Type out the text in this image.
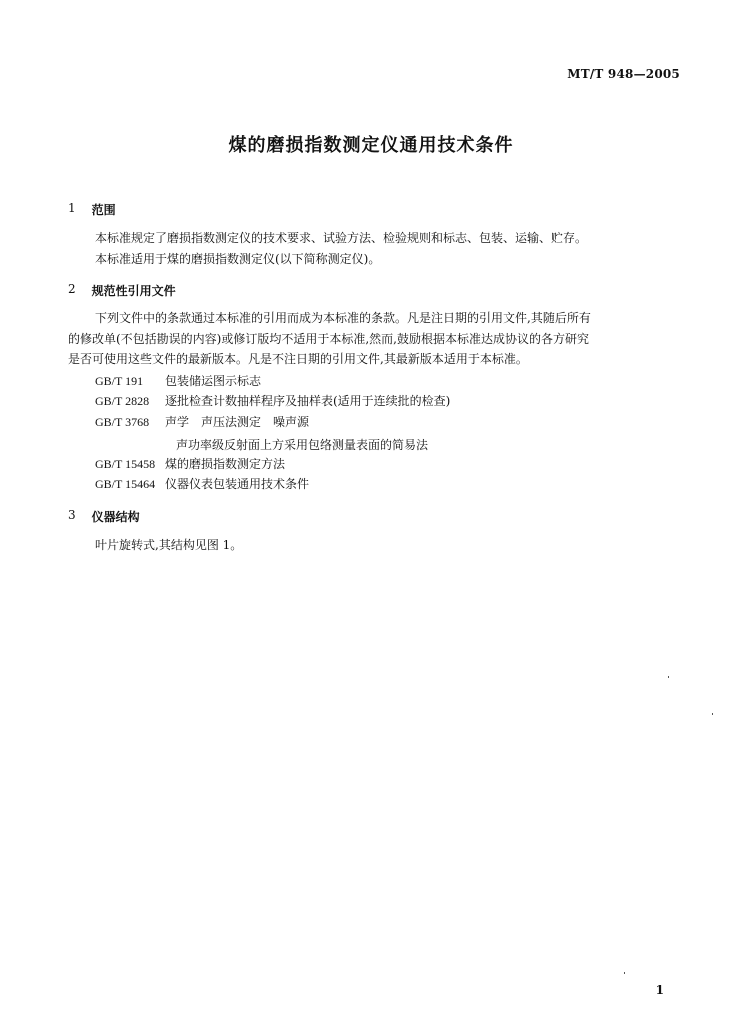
MT/T 948—2005
煤的磨损指数测定仪通用技术条件
1 范围
本标准规定了磨损指数测定仪的技术要求、试验方法、检验规则和标志、包装、运输、贮存。
本标准适用于煤的磨损指数测定仪(以下简称测定仪)。
2 规范性引用文件
下列文件中的条款通过本标准的引用而成为本标准的条款。凡是注日期的引用文件,其随后所有
的修改单(不包括勘误的内容)或修订版均不适用于本标准,然而,鼓励根据本标准达成协议的各方研究
是否可使用这些文件的最新版本。凡是不注日期的引用文件,其最新版本适用于本标准。
GB/T 191 包装储运图示标志
GB/T 2828 逐批检查计数抽样程序及抽样表(适用于连续批的检查)
GB/T 3768 声学　声压法测定　噪声源
声功率级反射面上方采用包络测量表面的简易法
GB/T 15458 煤的磨损指数测定方法
GB/T 15464 仪器仪表包装通用技术条件
3 仪器结构
叶片旋转式,其结构见图 1。
1
